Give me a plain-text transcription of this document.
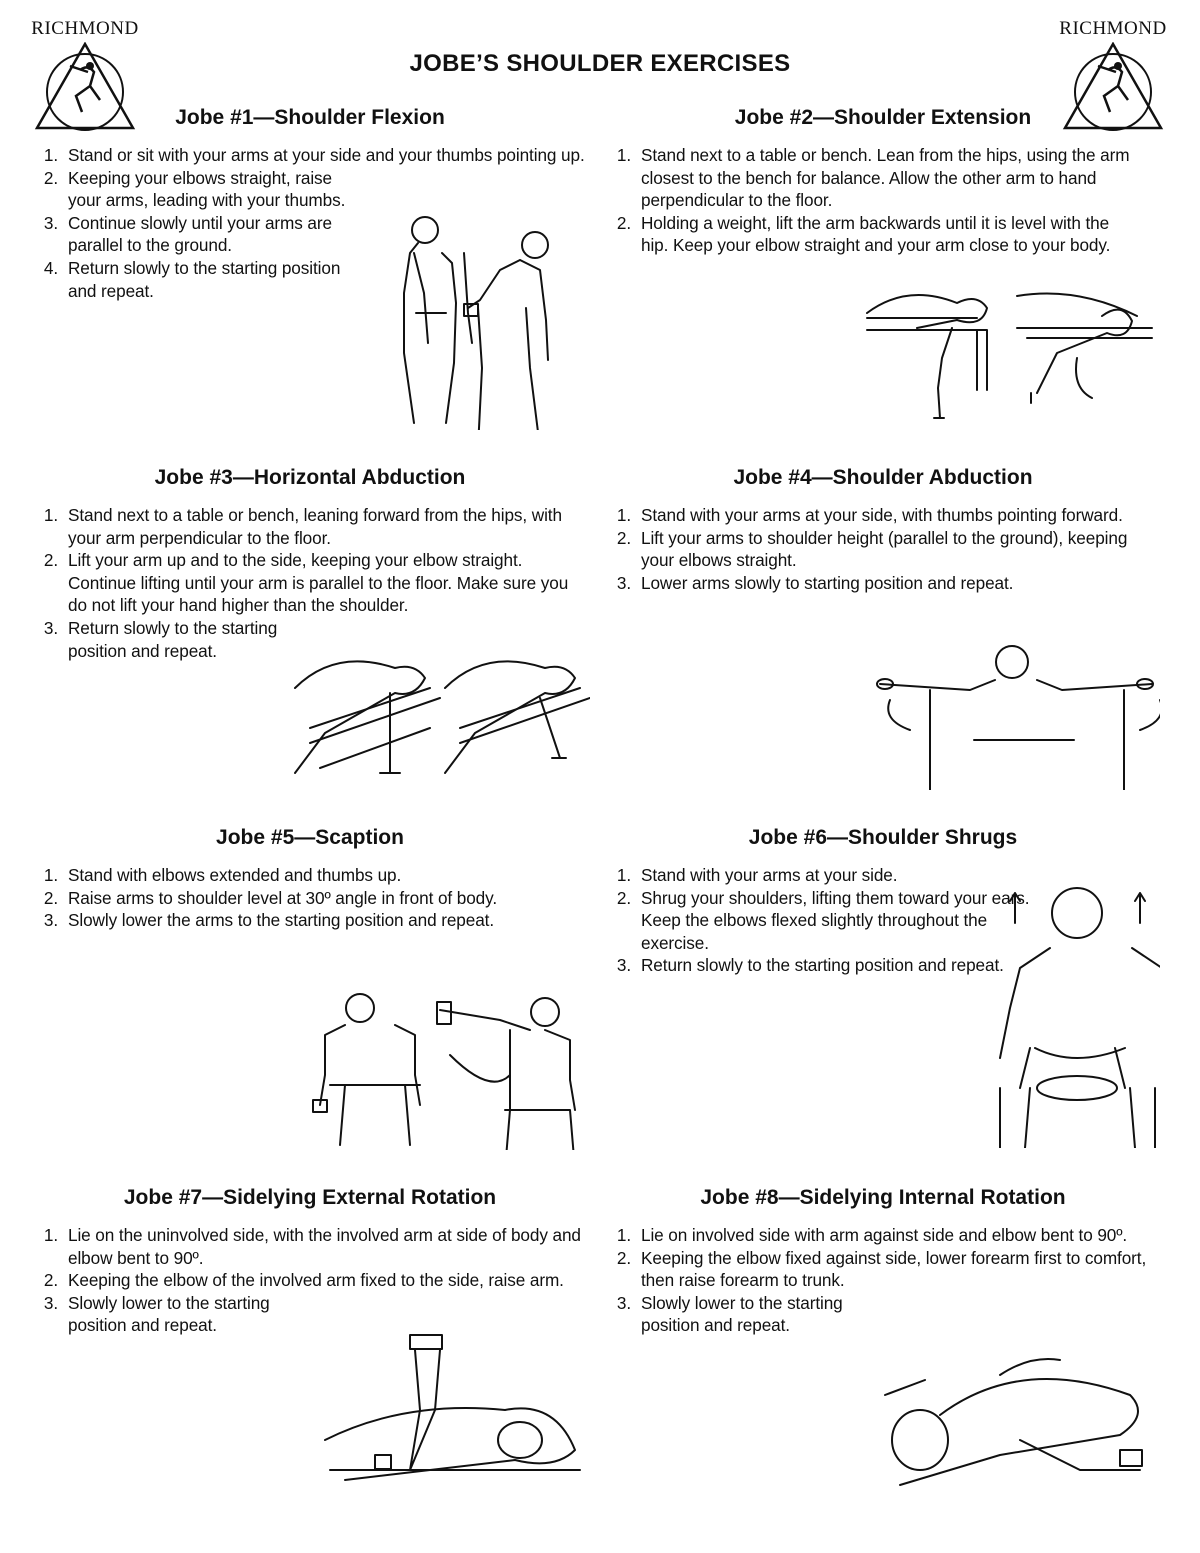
RICHMOND	RICHMOND
JOBE’S SHOULDER EXERCISES
Jobe #1—Shoulder Flexion
1. Stand or sit with your arms at your side and your thumbs pointing up.
2. Keeping your elbows straight, raise your arms, leading with your thumbs.
3. Continue slowly until your arms are parallel to the ground.
4. Return slowly to the starting position and repeat.
Jobe #2—Shoulder Extension
1. Stand next to a table or bench. Lean from the hips, using the arm closest to the bench for balance. Allow the other arm to hand perpendicular to the floor.
2. Holding a weight, lift the arm backwards until it is level with the hip. Keep your elbow straight and your arm close to your body.
Jobe #3—Horizontal Abduction
1. Stand next to a table or bench, leaning forward from the hips, with your arm perpendicular to the floor.
2. Lift your arm up and to the side, keeping your elbow straight. Continue lifting until your arm is parallel to the floor. Make sure you do not lift your hand higher than the shoulder.
3. Return slowly to the starting position and repeat.
Jobe #4—Shoulder Abduction
1. Stand with your arms at your side, with thumbs pointing forward.
2. Lift your arms to shoulder height (parallel to the ground), keeping your elbows straight.
3. Lower arms slowly to starting position and repeat.
Jobe #5—Scaption
1. Stand with elbows extended and thumbs up.
2. Raise arms to shoulder level at 30º angle in front of body.
3. Slowly lower the arms to the starting position and repeat.
Jobe #6—Shoulder Shrugs
1. Stand with your arms at your side.
2. Shrug your shoulders, lifting them toward your ears. Keep the elbows flexed slightly throughout the exercise.
3. Return slowly to the starting position and repeat.
Jobe #7—Sidelying External Rotation
1. Lie on the uninvolved side, with the involved arm at side of body and elbow bent to 90º.
2. Keeping the elbow of the involved arm fixed to the side, raise arm.
3. Slowly lower to the starting position and repeat.
Jobe #8—Sidelying Internal Rotation
1. Lie on involved side with arm against side and elbow bent to 90º.
2. Keeping the elbow fixed against side, lower forearm first to comfort, then raise forearm to trunk.
3. Slowly lower to the starting position and repeat.
